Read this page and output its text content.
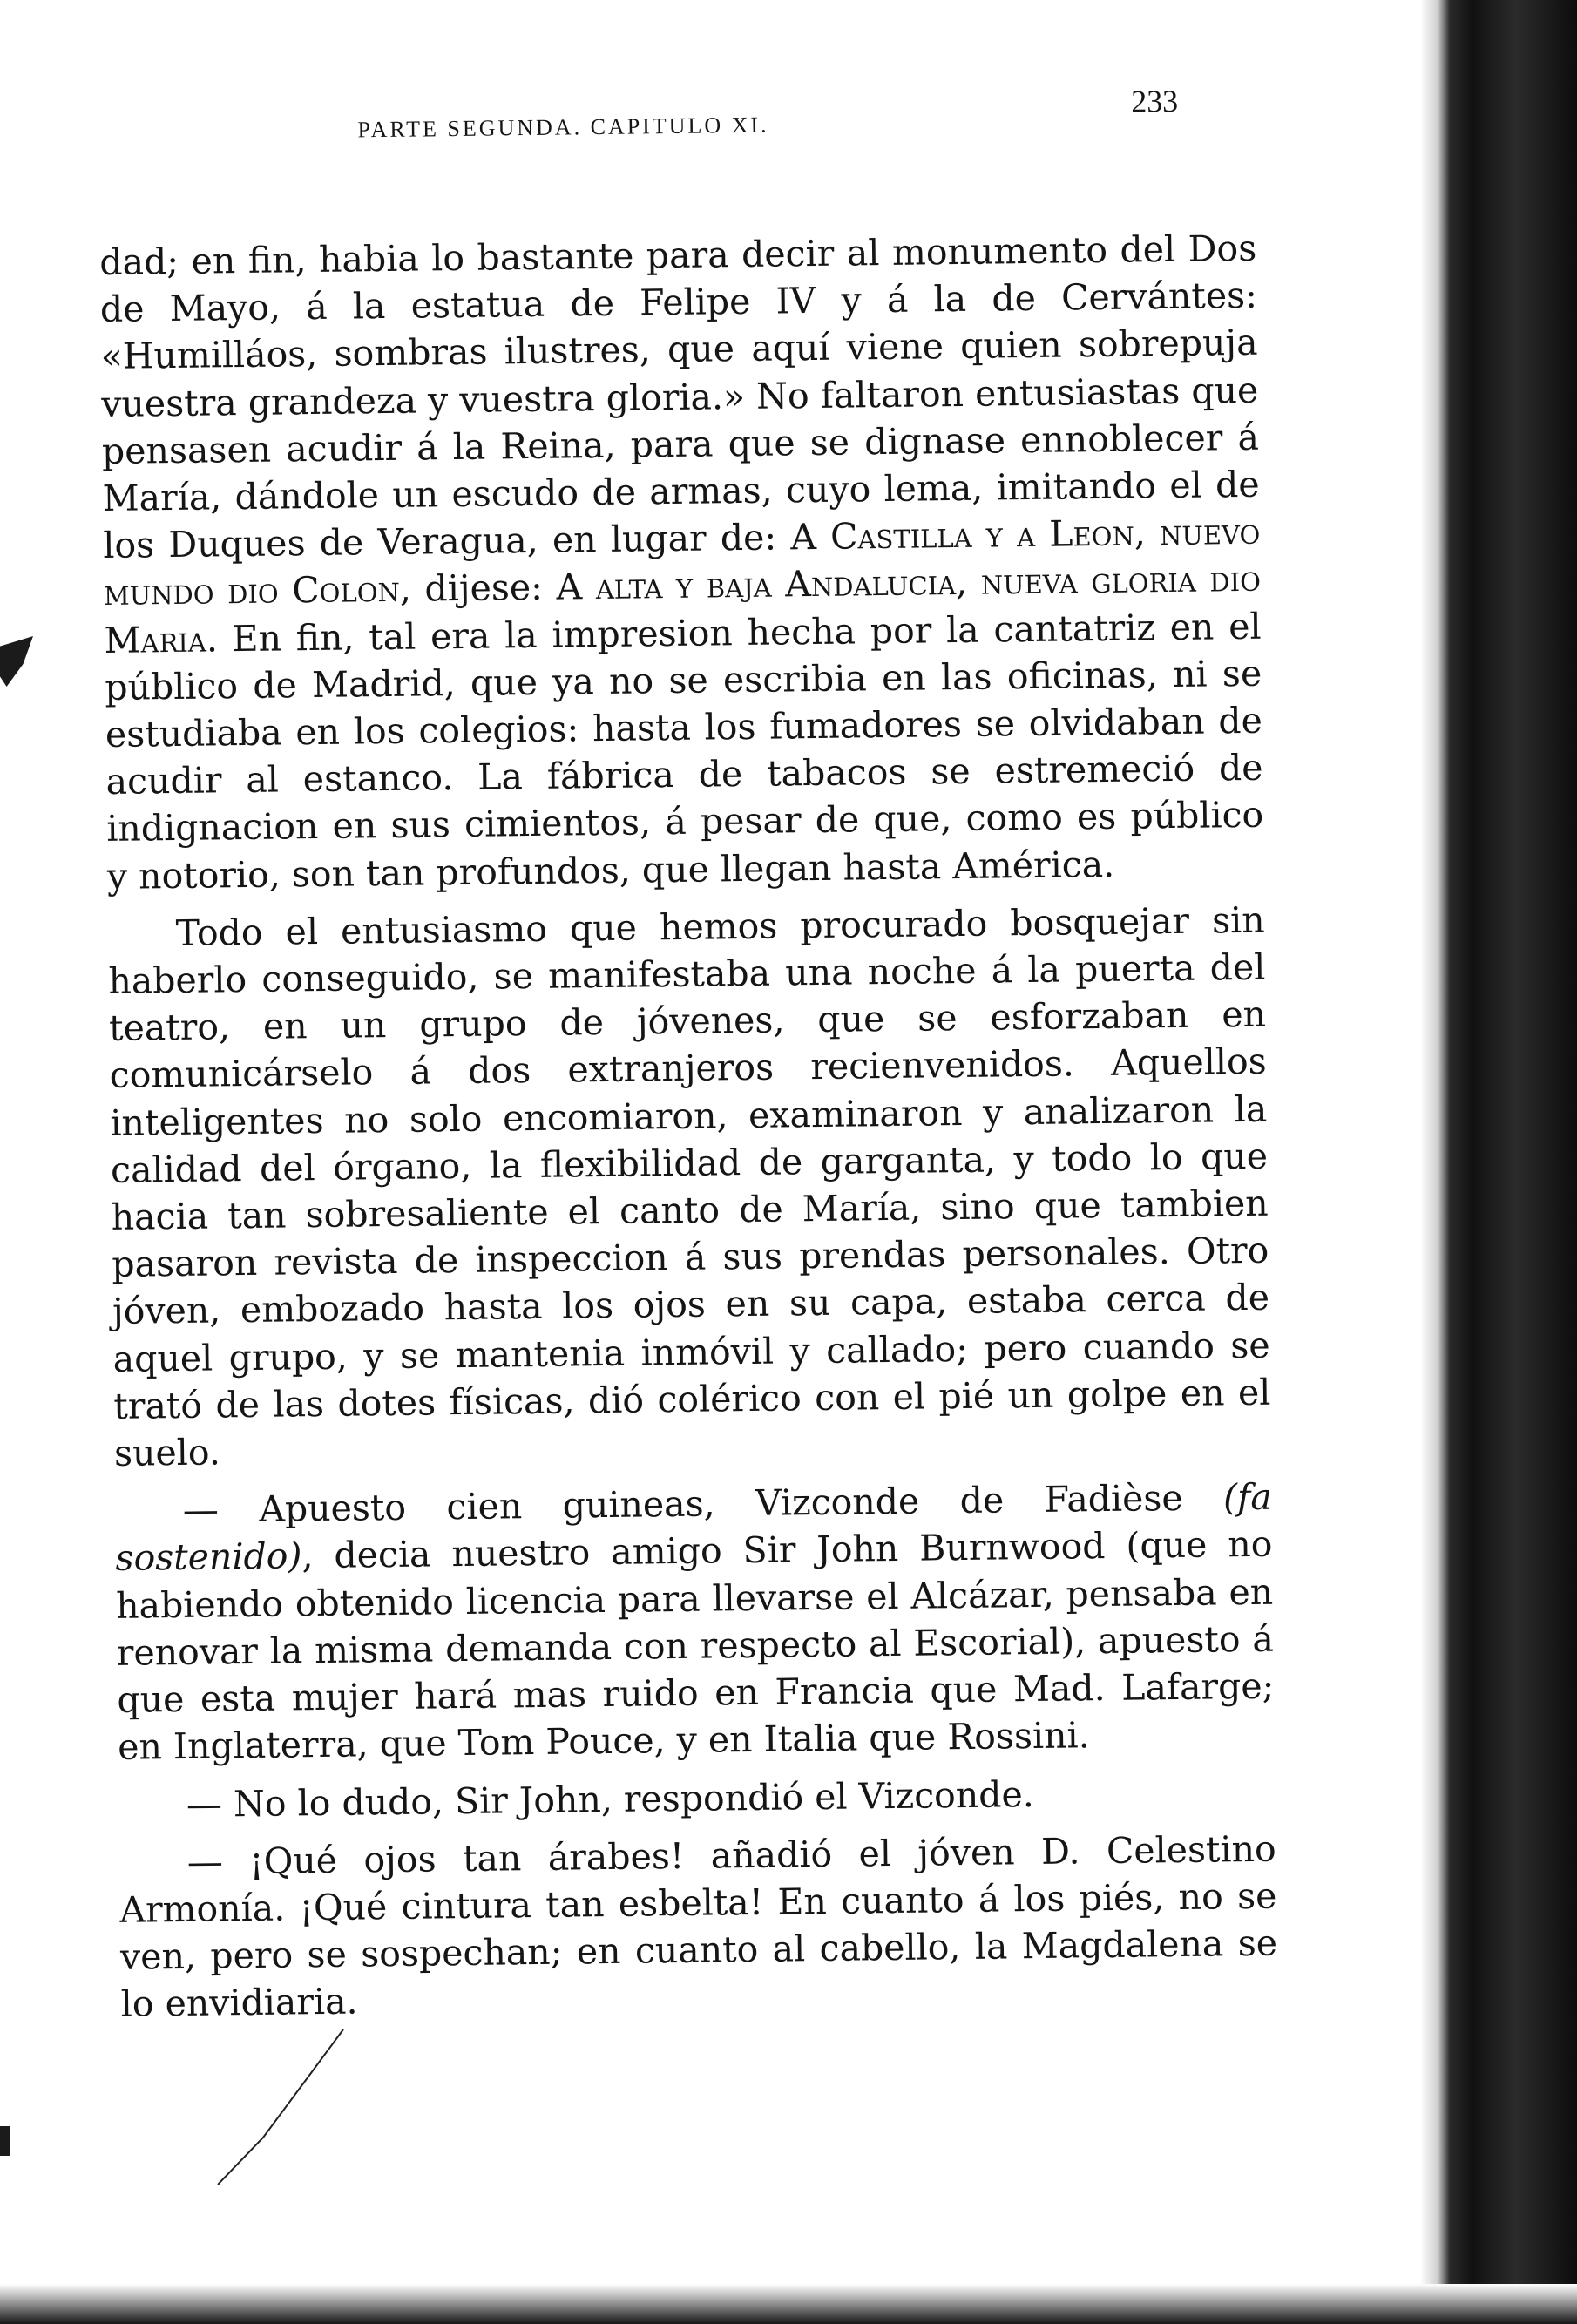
PARTE SEGUNDA. CAPITULO XI.
233

dad; en fin, habia lo bastante para decir al monumento del Dos de Mayo, á la estatua de Felipe IV y á la de Cervántes: «Humilláos, sombras ilustres, que aquí viene quien sobrepuja vuestra grandeza y vuestra gloria.» No faltaron entusiastas que pensasen acudir á la Reina, para que se dignase ennoblecer á María, dándole un escudo de armas, cuyo lema, imitando el de los Duques de Veragua, en lugar de: A Castilla y a Leon, nuevo mundo dio Colon, dijese: A alta y baja Andalucia, nueva gloria dio Maria. En fin, tal era la impresion hecha por la cantatriz en el público de Madrid, que ya no se escribia en las oficinas, ni se estudiaba en los colegios: hasta los fumadores se olvidaban de acudir al estanco. La fábrica de tabacos se estremeció de indignacion en sus cimientos, á pesar de que, como es público y notorio, son tan profundos, que llegan hasta América.

Todo el entusiasmo que hemos procurado bosquejar sin haberlo conseguido, se manifestaba una noche á la puerta del teatro, en un grupo de jóvenes, que se esforzaban en comunicárselo á dos extranjeros recienvenidos. Aquellos inteligentes no solo encomiaron, examinaron y analizaron la calidad del órgano, la flexibilidad de garganta, y todo lo que hacia tan sobresaliente el canto de María, sino que tambien pasaron revista de inspeccion á sus prendas personales. Otro jóven, embozado hasta los ojos en su capa, estaba cerca de aquel grupo, y se mantenia inmóvil y callado; pero cuando se trató de las dotes físicas, dió colérico con el pié un golpe en el suelo.

— Apuesto cien guineas, Vizconde de Fadièse (fa sostenido), decia nuestro amigo Sir John Burnwood (que no habiendo obtenido licencia para llevarse el Alcázar, pensaba en renovar la misma demanda con respecto al Escorial), apuesto á que esta mujer hará mas ruido en Francia que Mad. Lafarge; en Inglaterra, que Tom Pouce, y en Italia que Rossini.

— No lo dudo, Sir John, respondió el Vizconde.

— ¡Qué ojos tan árabes! añadió el jóven D. Celestino Armonía. ¡Qué cintura tan esbelta! En cuanto á los piés, no se ven, pero se sospechan; en cuanto al cabello, la Magdalena se lo envidiaria.
